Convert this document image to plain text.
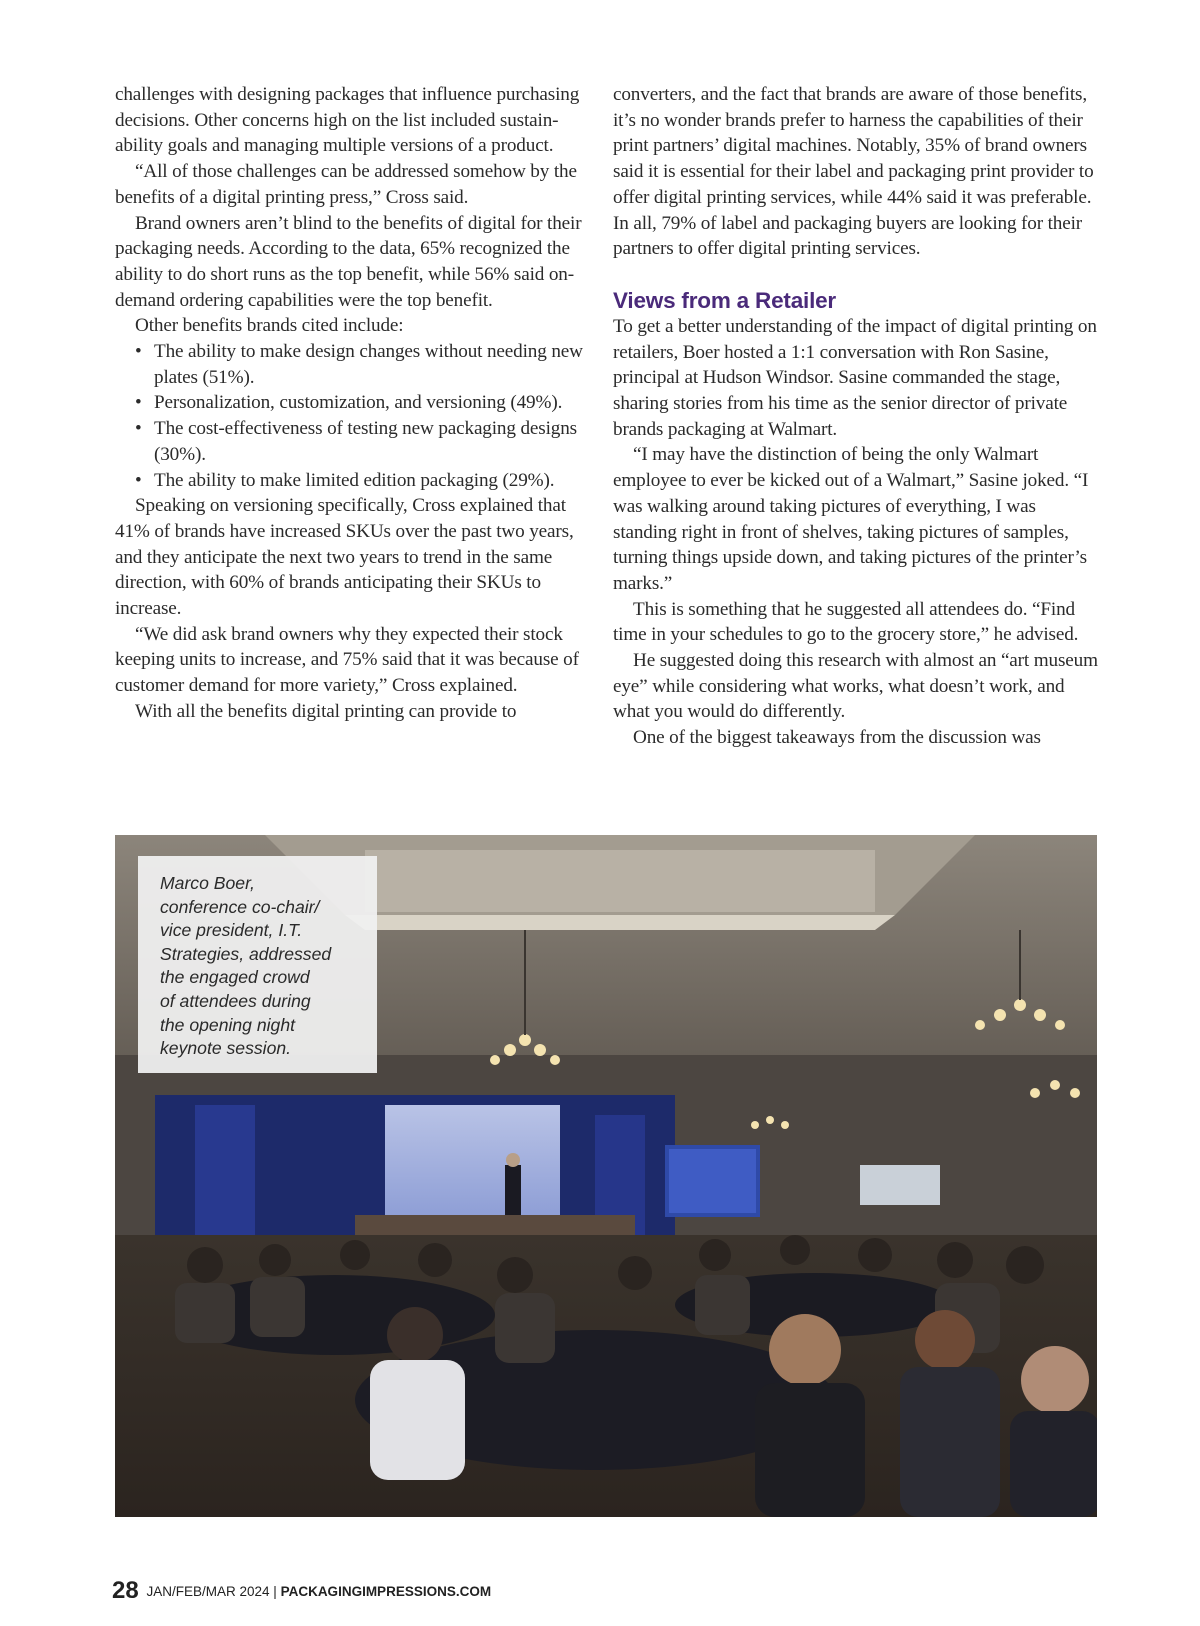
challenges with designing packages that influence purchasing decisions. Other concerns high on the list included sustain-ability goals and managing multiple versions of a product.

“All of those challenges can be addressed somehow by the benefits of a digital printing press,” Cross said.

Brand owners aren’t blind to the benefits of digital for their packaging needs. According to the data, 65% recognized the ability to do short runs as the top benefit, while 56% said on-demand ordering capabilities were the top benefit.

Other benefits brands cited include:

• The ability to make design changes without needing new plates (51%).
• Personalization, customization, and versioning (49%).
• The cost-effectiveness of testing new packaging designs (30%).
• The ability to make limited edition packaging (29%).

Speaking on versioning specifically, Cross explained that 41% of brands have increased SKUs over the past two years, and they anticipate the next two years to trend in the same direction, with 60% of brands anticipating their SKUs to increase.

“We did ask brand owners why they expected their stock keeping units to increase, and 75% said that it was because of customer demand for more variety,” Cross explained.

With all the benefits digital printing can provide to

converters, and the fact that brands are aware of those benefits, it’s no wonder brands prefer to harness the capabilities of their print partners’ digital machines. Notably, 35% of brand owners said it is essential for their label and packaging print provider to offer digital printing services, while 44% said it was preferable. In all, 79% of label and packaging buyers are looking for their partners to offer digital printing services.

Views from a Retailer

To get a better understanding of the impact of digital printing on retailers, Boer hosted a 1:1 conversation with Ron Sasine, principal at Hudson Windsor. Sasine commanded the stage, sharing stories from his time as the senior director of private brands packaging at Walmart.

“I may have the distinction of being the only Walmart employee to ever be kicked out of a Walmart,” Sasine joked. “I was walking around taking pictures of everything, I was standing right in front of shelves, taking pictures of samples, turning things upside down, and taking pictures of the printer’s marks.”

This is something that he suggested all attendees do. “Find time in your schedules to go to the grocery store,” he advised.

He suggested doing this research with almost an “art museum eye” while considering what works, what doesn’t work, and what you would do differently.

One of the biggest takeaways from the discussion was

Marco Boer,
conference co-chair/
vice president, I.T.
Strategies, addressed
the engaged crowd
of attendees during
the opening night
keynote session.
28 JAN/FEB/MAR 2024 | PACKAGINGIMPRESSIONS.COM
